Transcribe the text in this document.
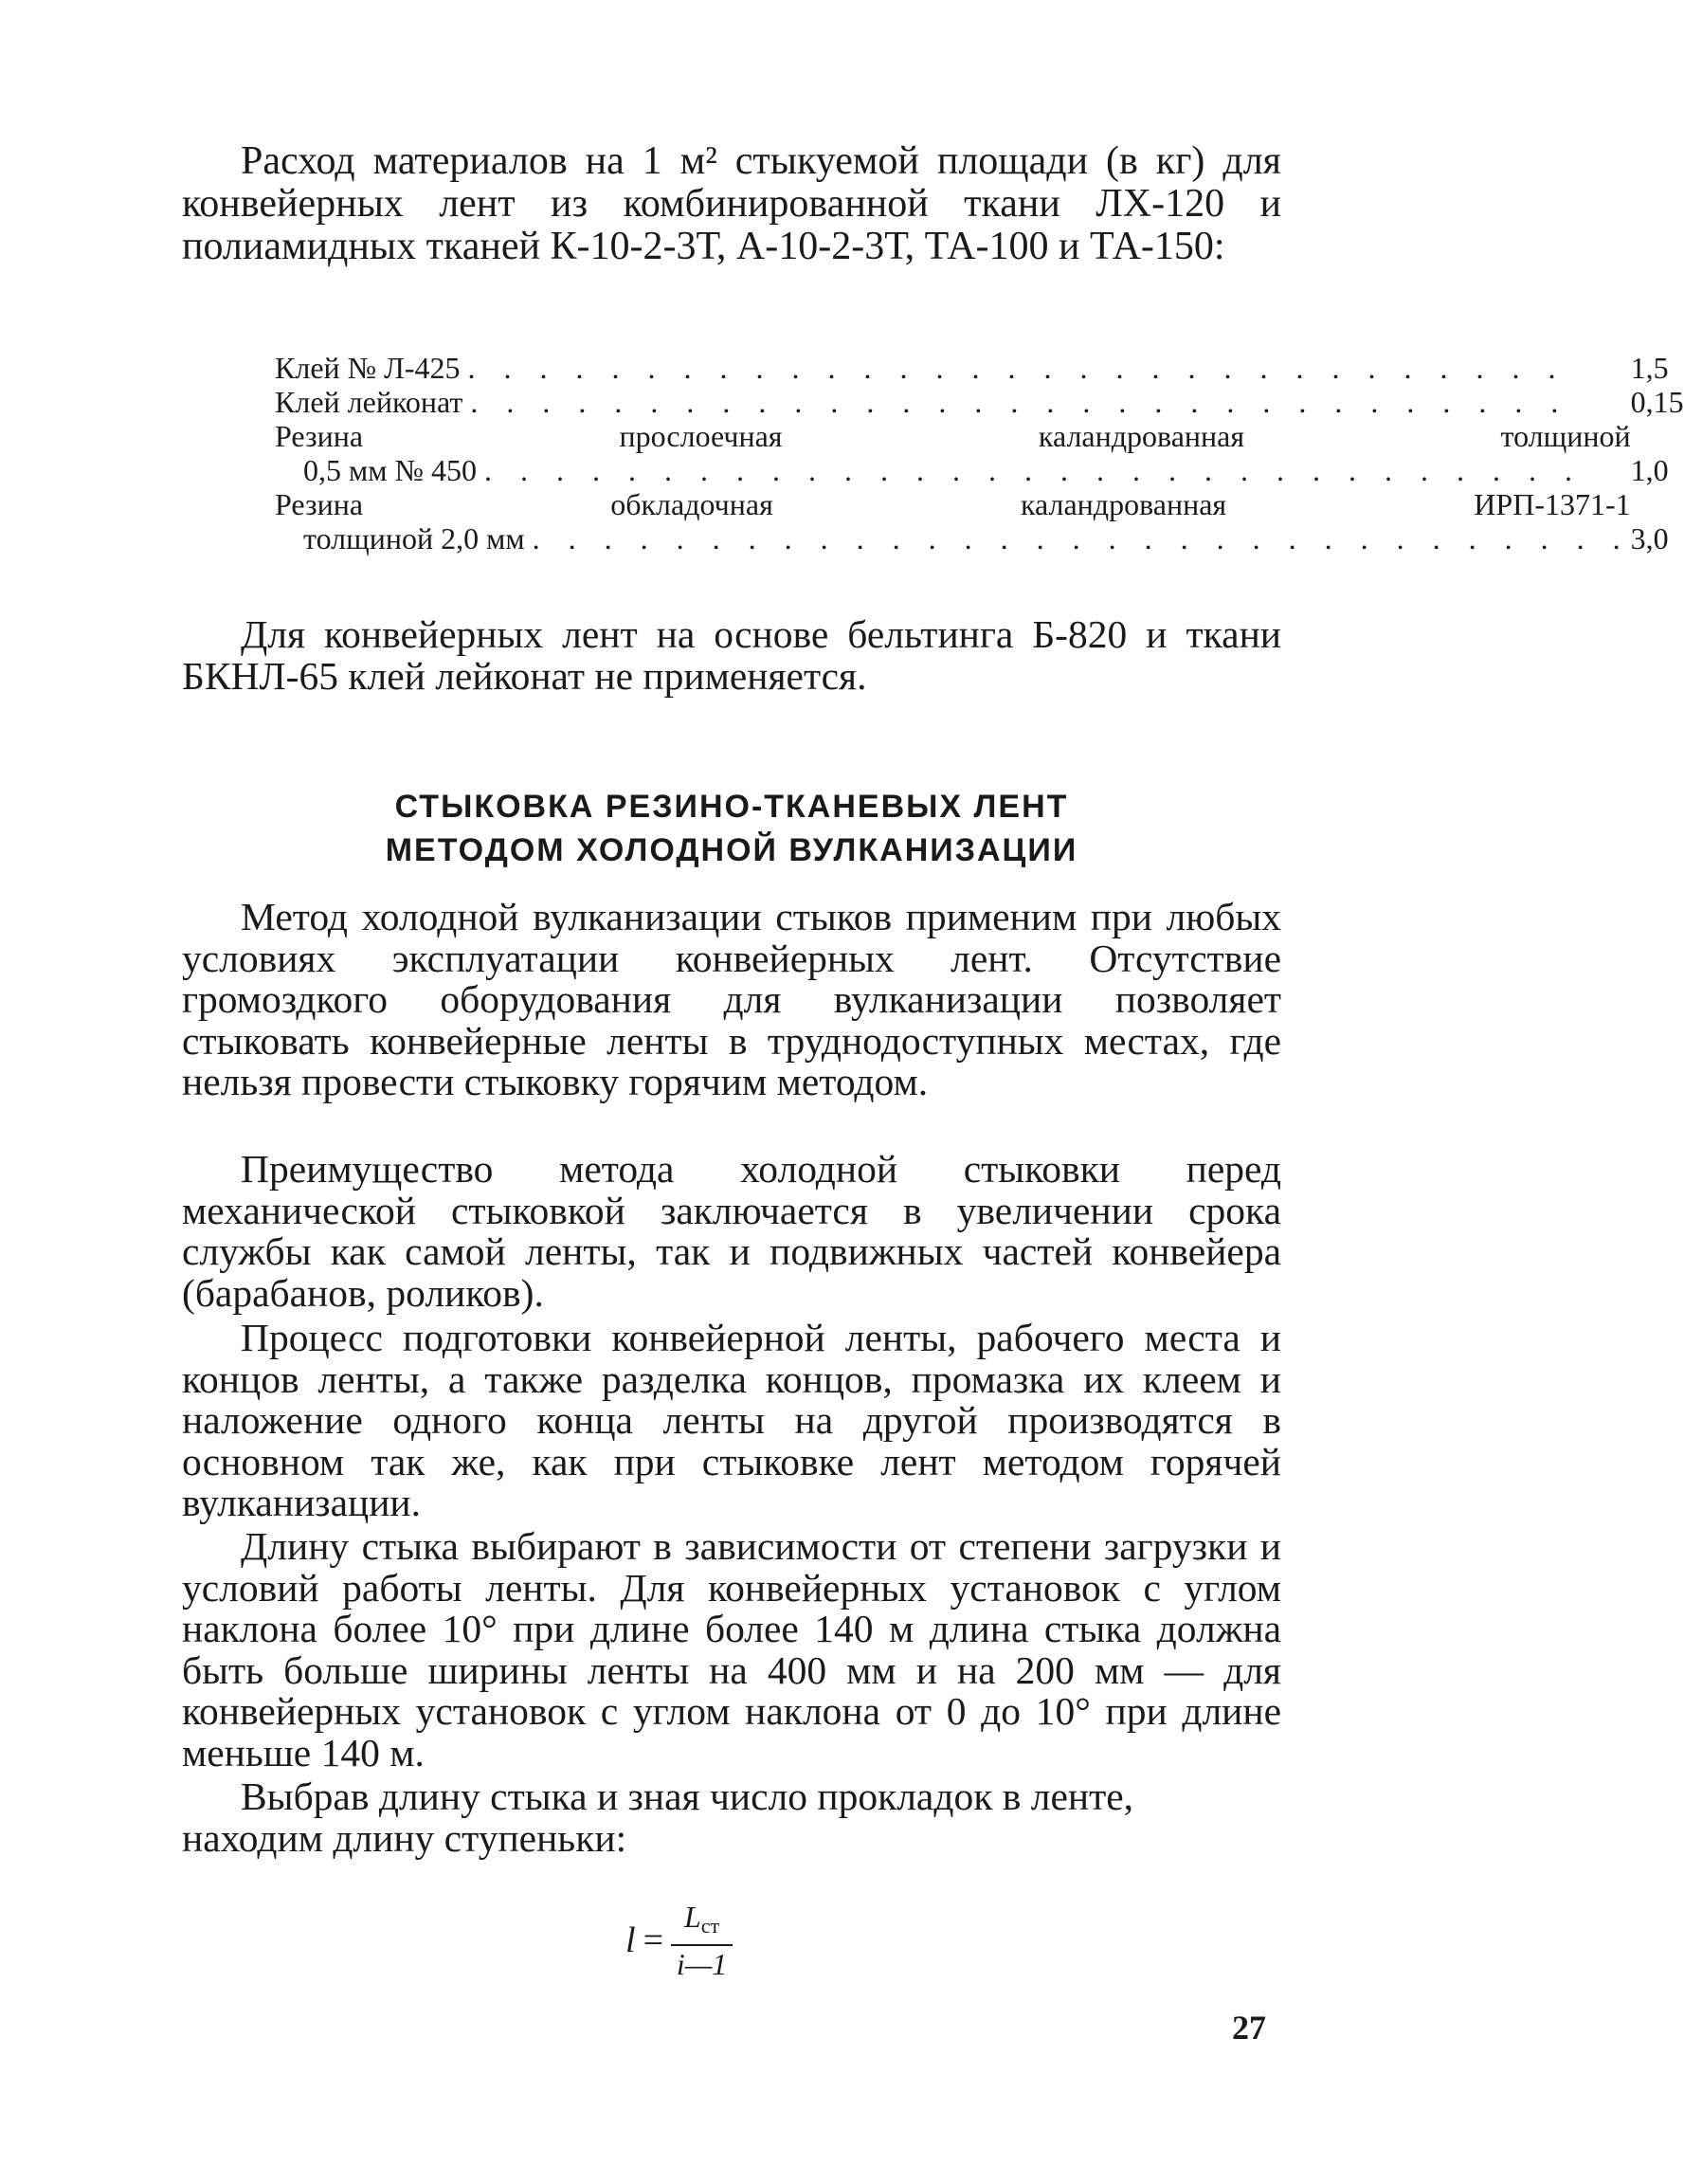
Расход материалов на 1 м² стыкуемой площади (в кг) для конвейерных лент из комбинированной ткани ЛХ-120 и полиамидных тканей К-10-2-3Т, А-10-2-3Т, ТА-100 и ТА-150:

Клей № Л-425 . . . . . . . . . . . . . . . . . . . . . . . . . . . . . . .	1,5

Клей лейконат . . . . . . . . . . . . . . . . . . . . . . . . . . . . . . .	0,15

Резина прослоечная каландрованная толщиной
0,5 мм № 450 . . . . . . . . . . . . . . . . . . . . . . . . . . . . . . .	1,0

Резина обкладочная каландрованная ИРП-1371-1
толщиной 2,0 мм . . . . . . . . . . . . . . . . . . . . . . . . . . . . . . .	3,0

Для конвейерных лент на основе бельтинга Б-820 и ткани БКНЛ-65 клей лейконат не применяется.

СТЫКОВКА РЕЗИНО-ТКАНЕВЫХ ЛЕНТ
МЕТОДОМ ХОЛОДНОЙ ВУЛКАНИЗАЦИИ

Метод холодной вулканизации стыков применим при любых условиях эксплуатации конвейерных лент. Отсутствие громоздкого оборудования для вулканизации позволяет стыковать конвейерные ленты в труднодоступных местах, где нельзя провести стыковку горячим методом.

Преимущество метода холодной стыковки перед механической стыковкой заключается в увеличении срока службы как самой ленты, так и подвижных частей конвейера (барабанов, роликов).

Процесс подготовки конвейерной ленты, рабочего места и концов ленты, а также разделка концов, промазка их клеем и наложение одного конца ленты на другой производятся в основном так же, как при стыковке лент методом горячей вулканизации.

Длину стыка выбирают в зависимости от степени загрузки и условий работы ленты. Для конвейерных установок с углом наклона более 10° при длине более 140 м длина стыка должна быть больше ширины ленты на 400 мм и на 200 мм — для конвейерных установок с углом наклона от 0 до 10° при длине меньше 140 м.

Выбрав длину стыка и зная число прокладок в ленте, находим длину ступеньки:

$l = \frac{L_{ст}}{i—1}$
27
